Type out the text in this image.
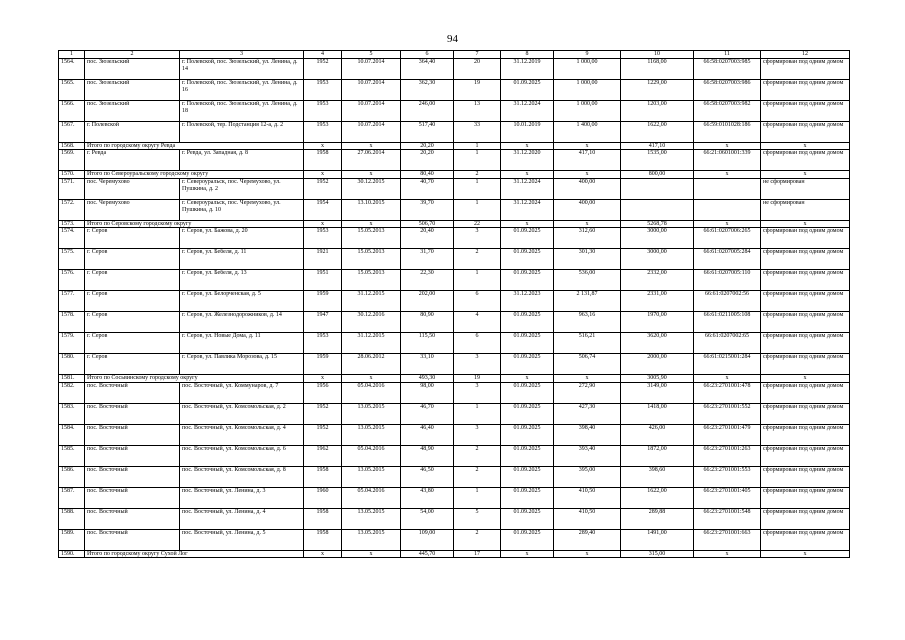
94
1	2	3	4	5	6	7	8	9	10	11	12
1564.	пос. Зюзельский	г. Полевской, пос. Зюзельский, ул. Ленина, д. 14	1952	10.07.2014	364,40	20	31.12.2019	1 000,00	1168,00	66:58:0207003:985	сформирован под одним домом
1565.	пос. Зюзельский	г. Полевской, пос. Зюзельский, ул. Ленина, д. 16	1953	10.07.2014	362,30	19	01.09.2025	1 000,00	1229,00	66:58:0207003:986	сформирован под одним домом
1566.	пос. Зюзельский	г. Полевской, пос. Зюзельский, ул. Ленина, д. 18	1953	10.07.2014	246,00	13	31.12.2024	1 000,00	1203,00	66:58:0207003:982	сформирован под одним домом
1567.	г. Полевской	г. Полевской, тер. Подстанция 12-а, д. 2	1953	10.07.2014	517,40	33	10.01.2019	1 400,00	1622,00	66:59:0101028:186	сформирован под одним домом
1568.	Итого по городскому округу Ревда		x	x	20,20	1	x	x	417,10	x	x
1569.	г. Ревда	г. Ревда, ул. Западная, д. 8	1958	27.06.2014	20,20	1	31.12.2020	417,10	1535,00	66:21:0601001:339	сформирован под одним домом
1570.	Итого по Североуральскому городскому округу		x	x	80,40	2	x	x	800,00	x	x
1571.	пос. Черемухово	г. Североуральск, пос. Черемухово, ул. Пушкина, д. 2	1952	30.12.2015	40,70	1	31.12.2024	400,00			не сформирован
1572.	пос. Черемухово	г. Североуральск, пос. Черемухово, ул. Пушкина, д. 10	1954	13.10.2015	39,70	1	31.12.2024	400,00			не сформирован
1573.	Итого по Серовскому городскому округу		x	x	506,70	22	x	x	5268,78	x	x
1574.	г. Серов	г. Серов, ул. Бажова, д. 20	1953	15.05.2013	20,40	3	01.09.2025	312,60	3000,00	66:61:0207006:265	сформирован под одним домом
1575.	г. Серов	г. Серов, ул. Бебеля, д. 11	1921	15.05.2013	31,70	2	01.09.2025	301,30	3000,00	66:61:0207005:284	сформирован под одним домом
1576.	г. Серов	г. Серов, ул. Бебеля, д. 13	1951	15.05.2013	22,30	1	01.09.2025	536,00	2332,00	66:61:0207005:110	сформирован под одним домом
1577.	г. Серов	г. Серов, ул. Белорченская, д. 5	1959	31.12.2015	202,00	6	31.12.2023	2 131,87	2331,00	66:61:0207002:56	сформирован под одним домом
1578.	г. Серов	г. Серов, ул. Железнодорожников, д. 14	1947	30.12.2016	80,90	4	01.09.2025	963,16	1970,00	66:61:0211005:108	сформирован под одним домом
1579.	г. Серов	г. Серов, ул. Новые Дома, д. 11	1953	31.12.2015	115,50	6	01.09.2025	516,21	3620,00	66:61:0207002:65	сформирован под одним домом
1580.	г. Серов	г. Серов, ул. Павлика Морозова, д. 15	1959	28.06.2012	33,10	3	01.09.2025	506,74	2000,00	66:61:0215001:284	сформирован под одним домом
1581.	Итого по Сосьвинскому городскому округу		x	x	493,30	19	x	x	3005,90	x	x
1582.	пос. Восточный	пос. Восточный, ул. Коммунаров, д. 7	1956	05.04.2016	98,00	3	01.09.2025	272,90	3149,00	66:23:2701001:478	сформирован под одним домом
1583.	пос. Восточный	пос. Восточный, ул. Комсомольская, д. 2	1952	13.05.2015	46,70	1	01.09.2025	427,30	1418,00	66:23:2701001:552	сформирован под одним домом
1584.	пос. Восточный	пос. Восточный, ул. Комсомольская, д. 4	1952	13.05.2015	46,40	3	01.09.2025	398,40	426,00	66:23:2701001:479	сформирован под одним домом
1585.	пос. Восточный	пос. Восточный, ул. Комсомольская, д. 6	1962	05.04.2016	48,90	2	01.09.2025	393,40	1872,00	66:23:2701001:263	сформирован под одним домом
1586.	пос. Восточный	пос. Восточный, ул. Комсомольская, д. 8	1958	13.05.2015	46,50	2	01.09.2025	395,00	398,60	66:23:2701001:553	сформирован под одним домом
1587.	пос. Восточный	пос. Восточный, ул. Ленина, д. 3	1960	05.04.2016	43,80	1	01.09.2025	410,50	1622,00	66:23:2701001:405	сформирован под одним домом
1588.	пос. Восточный	пос. Восточный, ул. Ленина, д. 4	1958	13.05.2015	54,00	5	01.09.2025	410,50	289,88	66:23:2701001:548	сформирован под одним домом
1589.	пос. Восточный	пос. Восточный, ул. Ленина, д. 5	1958	13.05.2015	109,00	2	01.09.2025	289,40	1491,00	66:23:2701001:663	сформирован под одним домом
1590.	Итого по городскому округу Сухой Лог		x	x	445,70	17	x	x	315,00	x	x
